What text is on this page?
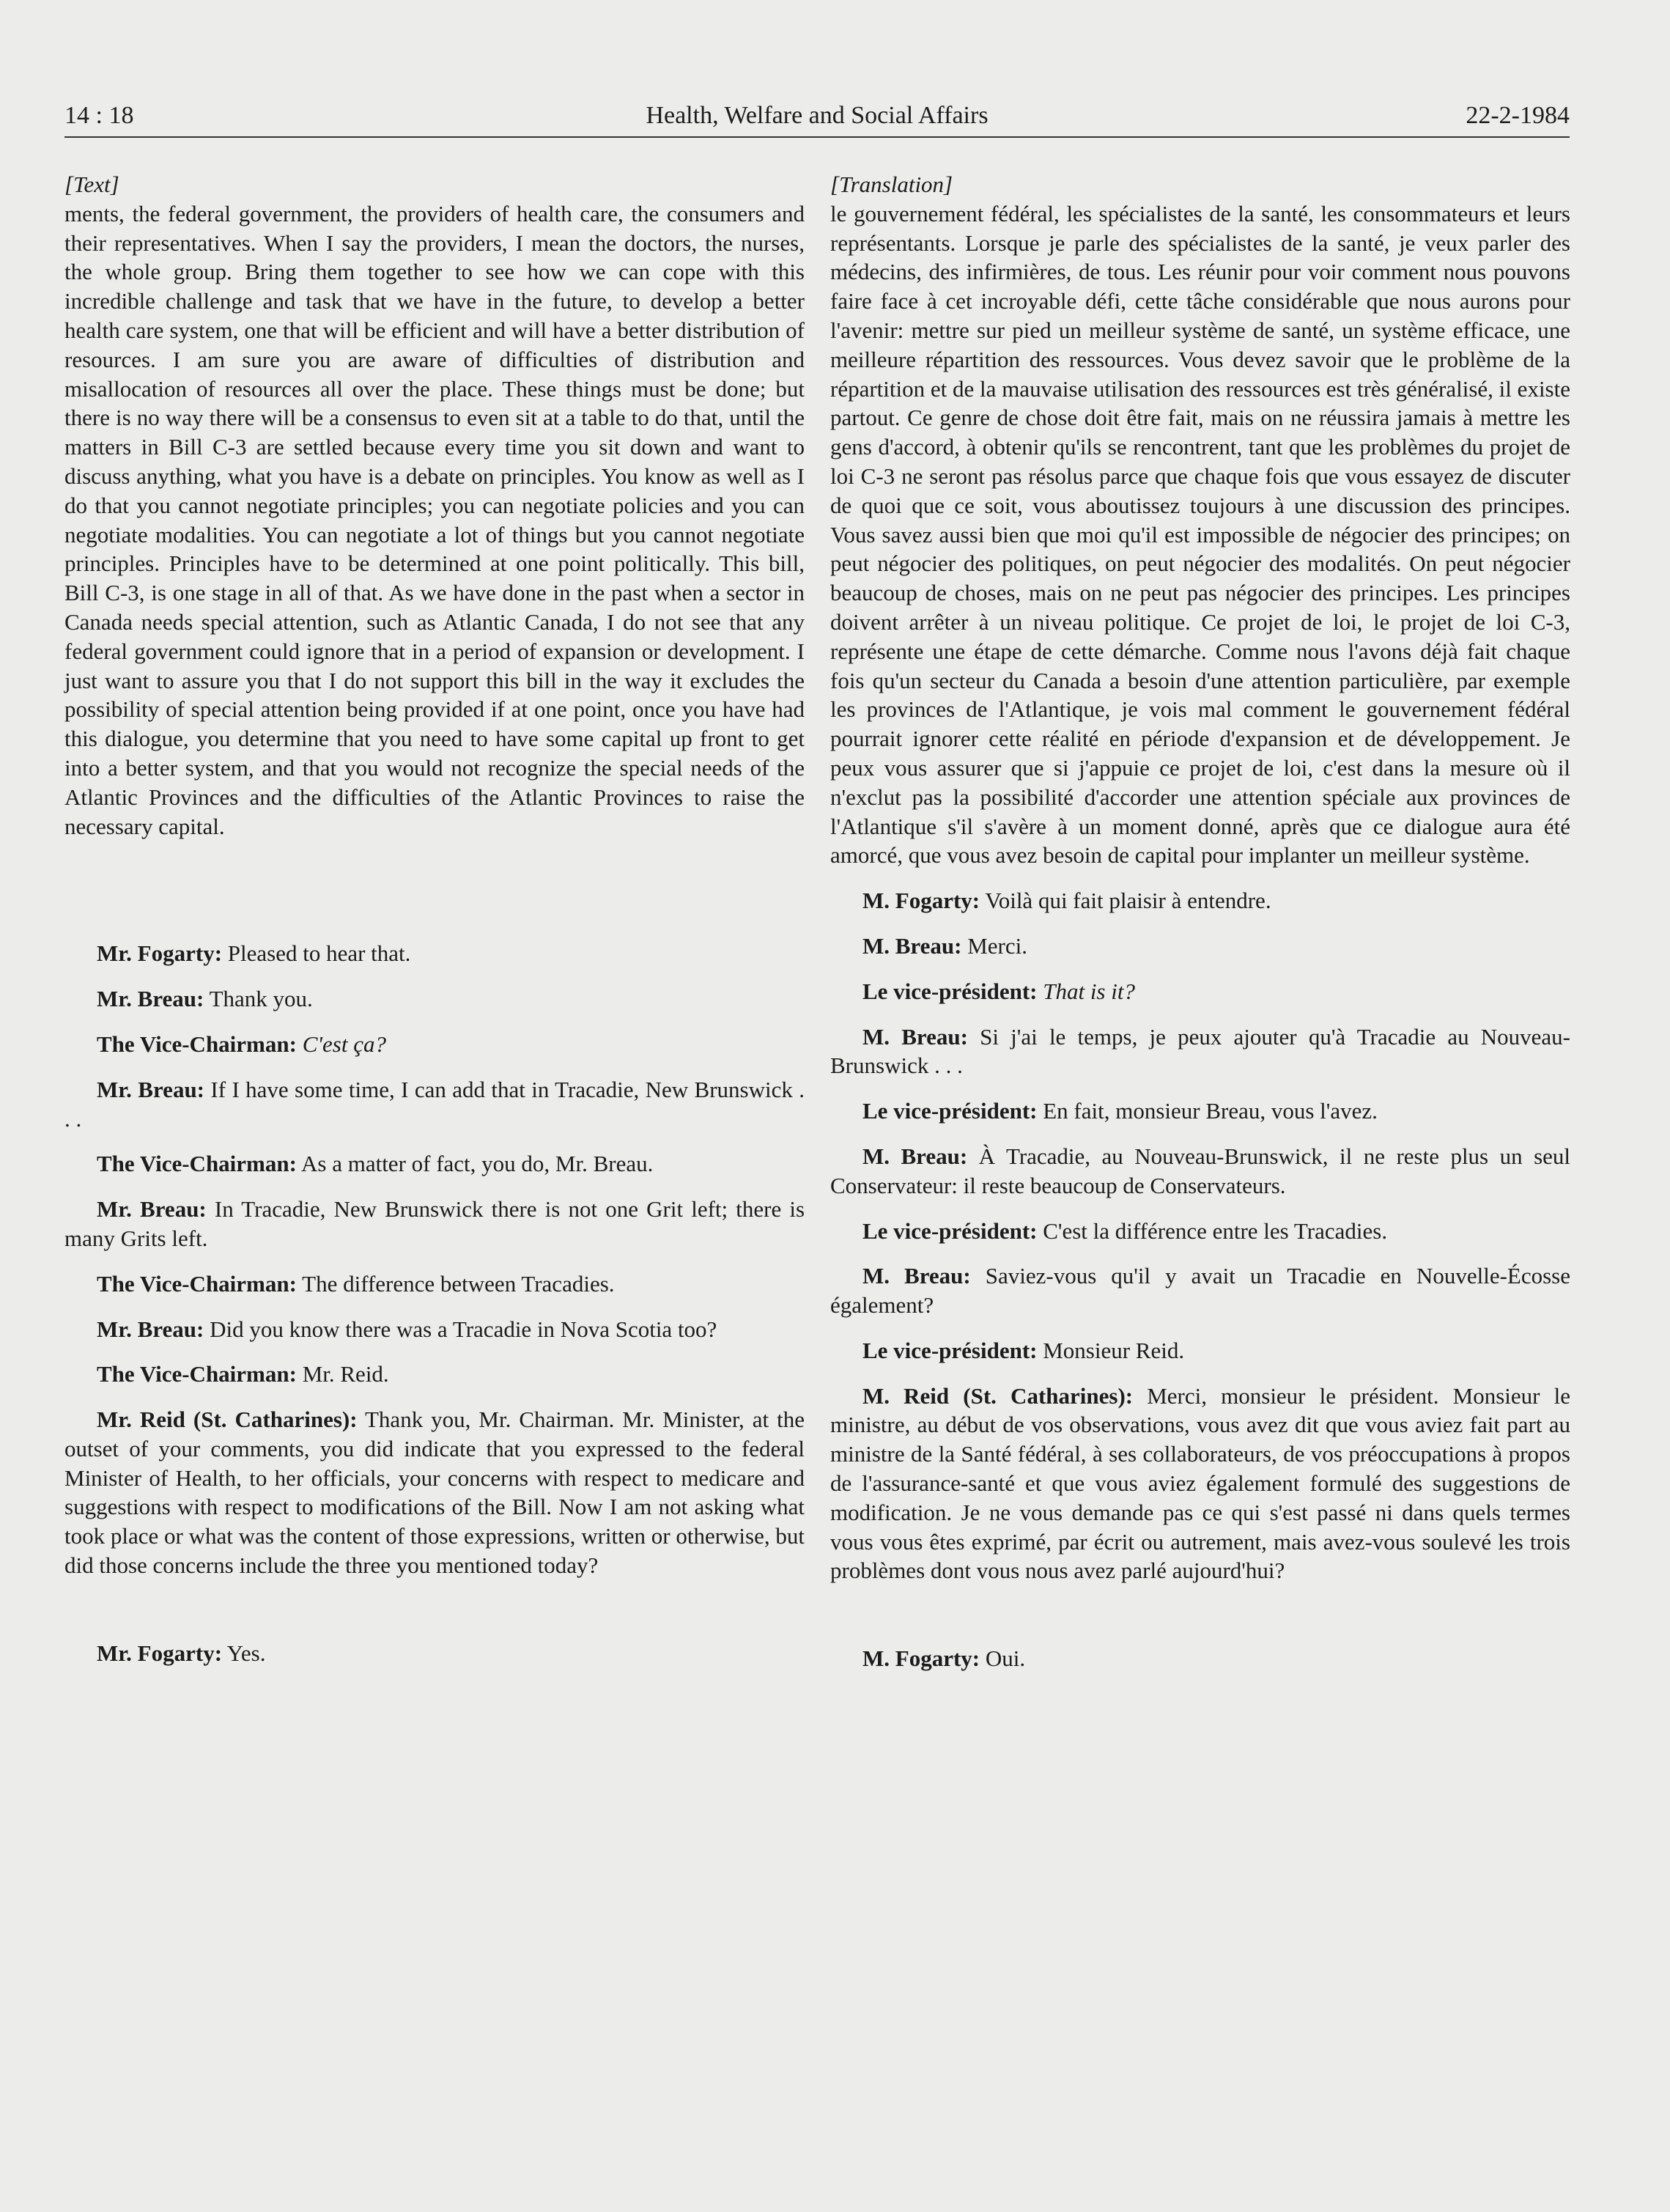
14 : 18	Health, Welfare and Social Affairs	22-2-1984

[Text]

ments, the federal government, the providers of health care, the consumers and their representatives. When I say the providers, I mean the doctors, the nurses, the whole group. Bring them together to see how we can cope with this incredible challenge and task that we have in the future, to develop a better health care system, one that will be efficient and will have a better distribution of resources. I am sure you are aware of difficulties of distribution and misallocation of resources all over the place. These things must be done; but there is no way there will be a consensus to even sit at a table to do that, until the matters in Bill C-3 are settled because every time you sit down and want to discuss anything, what you have is a debate on principles. You know as well as I do that you cannot negotiate principles; you can negotiate policies and you can negotiate modalities. You can negotiate a lot of things but you cannot negotiate principles. Principles have to be determined at one point politically. This bill, Bill C-3, is one stage in all of that. As we have done in the past when a sector in Canada needs special attention, such as Atlantic Canada, I do not see that any federal government could ignore that in a period of expansion or development. I just want to assure you that I do not support this bill in the way it excludes the possibility of special attention being provided if at one point, once you have had this dialogue, you determine that you need to have some capital up front to get into a better system, and that you would not recognize the special needs of the Atlantic Provinces and the difficulties of the Atlantic Provinces to raise the necessary capital.

Mr. Fogarty: Pleased to hear that.

Mr. Breau: Thank you.

The Vice-Chairman: C'est ça?

Mr. Breau: If I have some time, I can add that in Tracadie, New Brunswick . . .

The Vice-Chairman: As a matter of fact, you do, Mr. Breau.

Mr. Breau: In Tracadie, New Brunswick there is not one Grit left; there is many Grits left.

The Vice-Chairman: The difference between Tracadies.

Mr. Breau: Did you know there was a Tracadie in Nova Scotia too?

The Vice-Chairman: Mr. Reid.

Mr. Reid (St. Catharines): Thank you, Mr. Chairman. Mr. Minister, at the outset of your comments, you did indicate that you expressed to the federal Minister of Health, to her officials, your concerns with respect to medicare and suggestions with respect to modifications of the Bill. Now I am not asking what took place or what was the content of those expressions, written or otherwise, but did those concerns include the three you mentioned today?

Mr. Fogarty: Yes.

[Translation]

le gouvernement fédéral, les spécialistes de la santé, les consommateurs et leurs représentants. Lorsque je parle des spécialistes de la santé, je veux parler des médecins, des infirmières, de tous. Les réunir pour voir comment nous pouvons faire face à cet incroyable défi, cette tâche considérable que nous aurons pour l'avenir: mettre sur pied un meilleur système de santé, un système efficace, une meilleure répartition des ressources. Vous devez savoir que le problème de la répartition et de la mauvaise utilisation des ressources est très généralisé, il existe partout. Ce genre de chose doit être fait, mais on ne réussira jamais à mettre les gens d'accord, à obtenir qu'ils se rencontrent, tant que les problèmes du projet de loi C-3 ne seront pas résolus parce que chaque fois que vous essayez de discuter de quoi que ce soit, vous aboutissez toujours à une discussion des principes. Vous savez aussi bien que moi qu'il est impossible de négocier des principes; on peut négocier des politiques, on peut négocier des modalités. On peut négocier beaucoup de choses, mais on ne peut pas négocier des principes. Les principes doivent arrêter à un niveau politique. Ce projet de loi, le projet de loi C-3, représente une étape de cette démarche. Comme nous l'avons déjà fait chaque fois qu'un secteur du Canada a besoin d'une attention particulière, par exemple les provinces de l'Atlantique, je vois mal comment le gouvernement fédéral pourrait ignorer cette réalité en période d'expansion et de développement. Je peux vous assurer que si j'appuie ce projet de loi, c'est dans la mesure où il n'exclut pas la possibilité d'accorder une attention spéciale aux provinces de l'Atlantique s'il s'avère à un moment donné, après que ce dialogue aura été amorcé, que vous avez besoin de capital pour implanter un meilleur système.

M. Fogarty: Voilà qui fait plaisir à entendre.

M. Breau: Merci.

Le vice-président: That is it?

M. Breau: Si j'ai le temps, je peux ajouter qu'à Tracadie au Nouveau-Brunswick . . .

Le vice-président: En fait, monsieur Breau, vous l'avez.

M. Breau: À Tracadie, au Nouveau-Brunswick, il ne reste plus un seul Conservateur: il reste beaucoup de Conservateurs.

Le vice-président: C'est la différence entre les Tracadies.

M. Breau: Saviez-vous qu'il y avait un Tracadie en Nouvelle-Écosse également?

Le vice-président: Monsieur Reid.

M. Reid (St. Catharines): Merci, monsieur le président. Monsieur le ministre, au début de vos observations, vous avez dit que vous aviez fait part au ministre de la Santé fédéral, à ses collaborateurs, de vos préoccupations à propos de l'assurance-santé et que vous aviez également formulé des suggestions de modification. Je ne vous demande pas ce qui s'est passé ni dans quels termes vous vous êtes exprimé, par écrit ou autrement, mais avez-vous soulevé les trois problèmes dont vous nous avez parlé aujourd'hui?

M. Fogarty: Oui.
